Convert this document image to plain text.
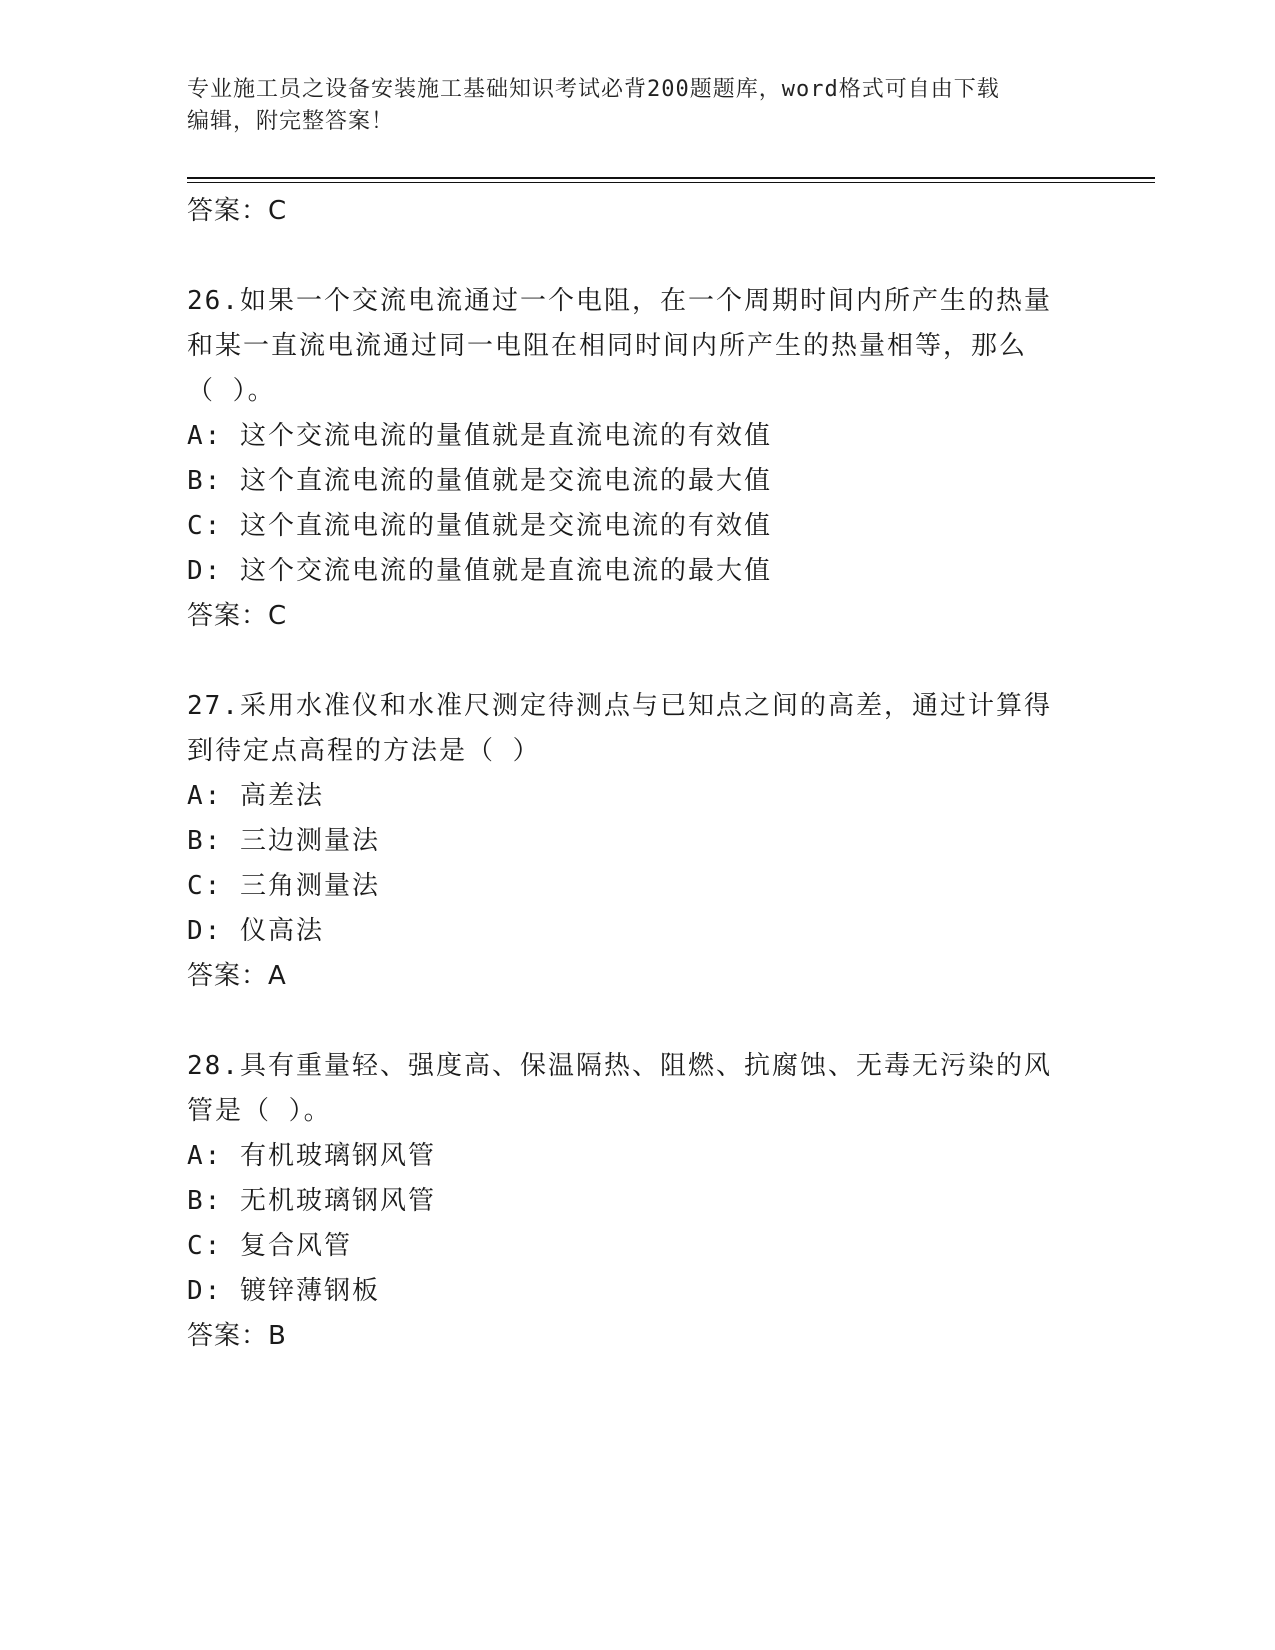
专业施工员之设备安装施工基础知识考试必背200题题库，word格式可自由下载
编辑，附完整答案！
答案：C
26.如果一个交流电流通过一个电阻，在一个周期时间内所产生的热量
和某一直流电流通过同一电阻在相同时间内所产生的热量相等，那么
（ ）。
A: 这个交流电流的量值就是直流电流的有效值
B: 这个直流电流的量值就是交流电流的最大值
C: 这个直流电流的量值就是交流电流的有效值
D: 这个交流电流的量值就是直流电流的最大值
答案：C
27.采用水准仪和水准尺测定待测点与已知点之间的高差，通过计算得
到待定点高程的方法是（ ）
A: 高差法
B: 三边测量法
C: 三角测量法
D: 仪高法
答案：A
28.具有重量轻、强度高、保温隔热、阻燃、抗腐蚀、无毒无污染的风
管是（ ）。
A: 有机玻璃钢风管
B: 无机玻璃钢风管
C: 复合风管
D: 镀锌薄钢板
答案：B
